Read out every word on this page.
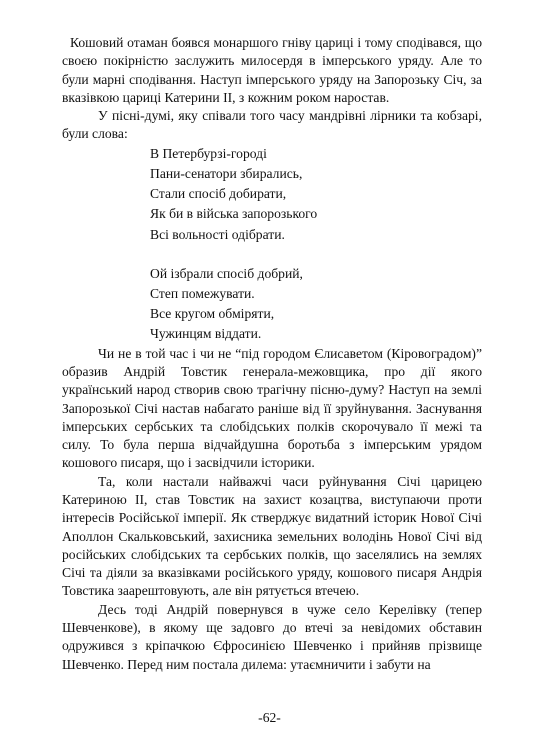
Кошовий отаман боявся монаршого гніву цариці і тому сподівався, що своєю покірністю заслужить милосердя в імперського уряду. Але то були марні сподівання. Наступ імперського уряду на Запорозьку Січ, за вказівкою цариці Катерини II, з кожним роком наростав.

У пісні-думі, яку співали того часу мандрівні лірники та кобзарі, були слова:

В Петербурзі-городі
Пани-сенатори збирались,
Стали спосіб добирати,
Як би в війська запорозького
Всі вольності одібрати.
Ой ізбрали спосіб добрий,
Степ помежувати.
Все кругом обміряти,
Чужинцям віддати.

Чи не в той час і чи не “під городом Єлисаветом (Кіровоградом)” образив Андрій Товстик генерала-межовщика, про дії якого український народ створив свою трагічну пісню-думу? Наступ на землі Запорозької Січі настав набагато раніше від її зруйнування. Заснування імперських сербських та слобідських полків скорочувало її межі та силу. То була перша відчайдушна боротьба з імперським урядом кошового писаря, що і засвідчили історики.

Та, коли настали найважчі часи руйнування Січі царицею Катериною II, став Товстик на захист козацтва, виступаючи проти інтересів Російської імперії. Як стверджує видатний історик Нової Січі Аполлон Скальковський, захисника земельних володінь Нової Січі від російських слобідських та сербських полків, що заселялись на землях Січі та діяли за вказівками російського уряду, кошового писаря Андрія Товстика заарештовують, але він рятується втечею.

Десь тоді Андрій повернувся в чуже село Керелівку (тепер Шевченкове), в якому ще задовго до втечі за невідомих обставин одружився з кріпачкою Єфросинією Шевченко і прийняв прізвище Шевченко. Перед ним постала дилема: утаємничити і забути на

-62-
